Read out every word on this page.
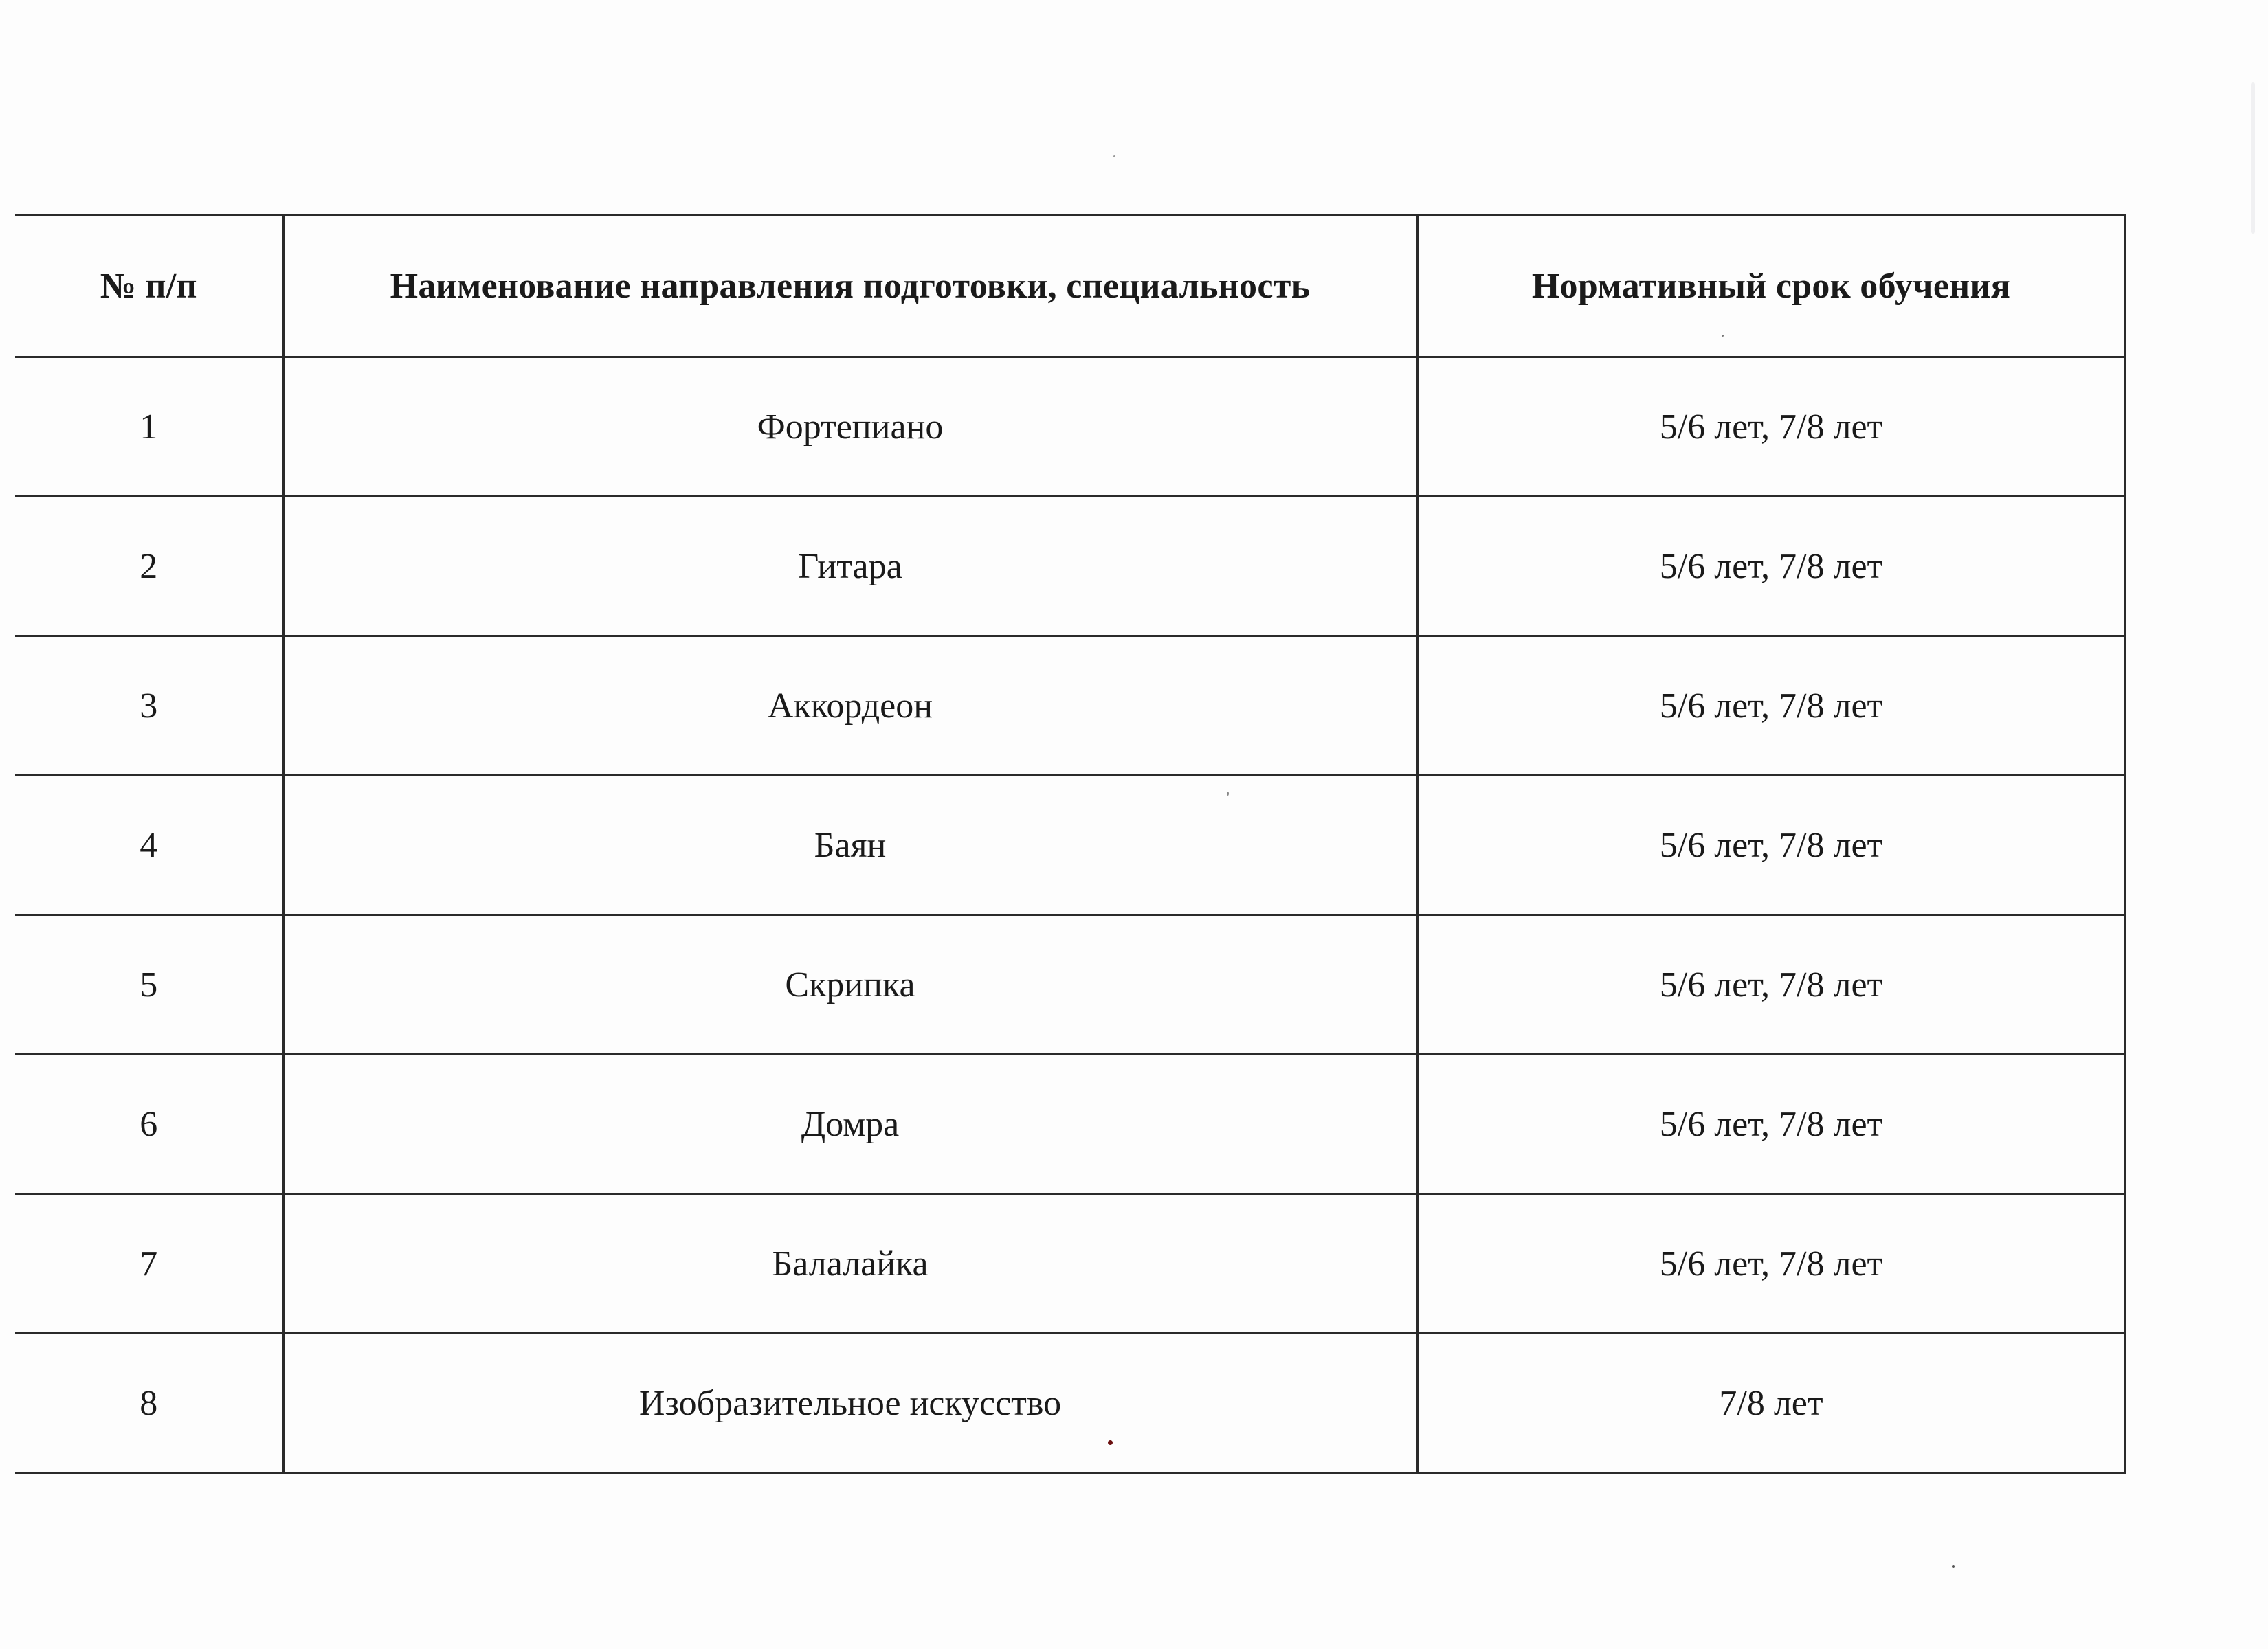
№ п/п	Наименование направления подготовки, специальность	Нормативный срок обучения
1	Фортепиано	5/6 лет, 7/8 лет
2	Гитара	5/6 лет, 7/8 лет
3	Аккордеон	5/6 лет, 7/8 лет
4	Баян	5/6 лет, 7/8 лет
5	Скрипка	5/6 лет, 7/8 лет
6	Домра	5/6 лет, 7/8 лет
7	Балалайка	5/6 лет, 7/8 лет
8	Изобразительное искусство	7/8 лет
